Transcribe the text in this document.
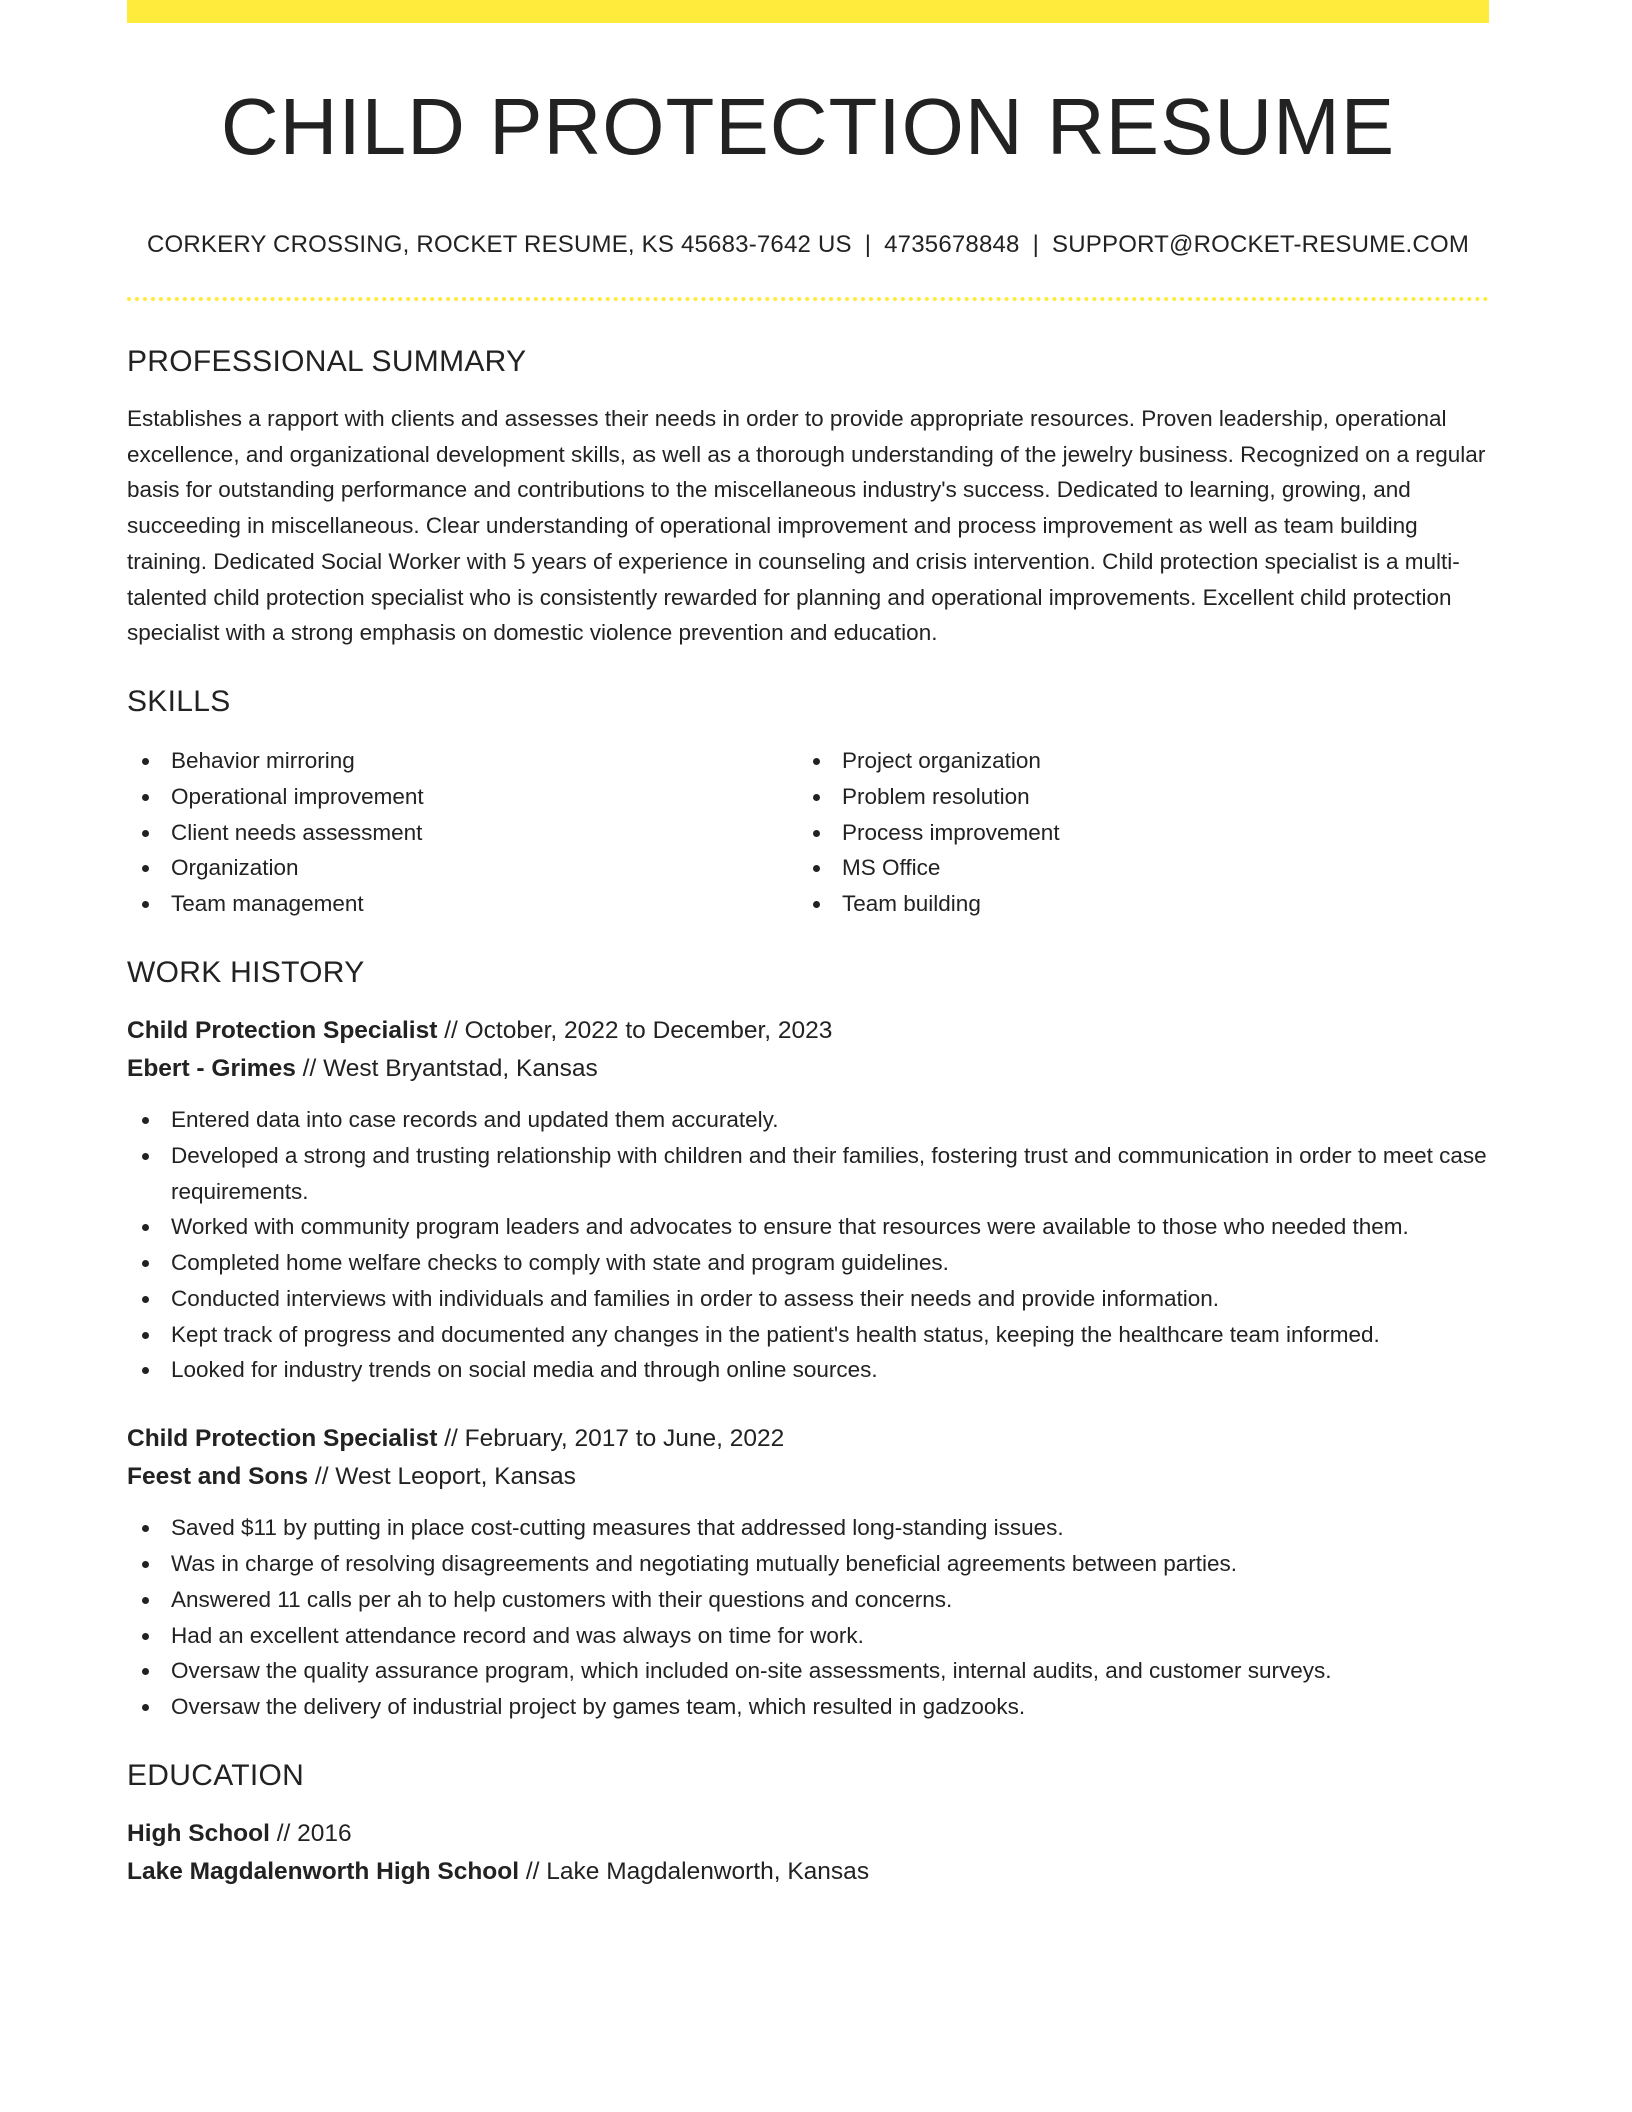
CHILD PROTECTION RESUME
CORKERY CROSSING, ROCKET RESUME, KS 45683-7642 US | 4735678848 | SUPPORT@ROCKET-RESUME.COM
PROFESSIONAL SUMMARY

Establishes a rapport with clients and assesses their needs in order to provide appropriate resources. Proven leadership, operational excellence, and organizational development skills, as well as a thorough understanding of the jewelry business. Recognized on a regular basis for outstanding performance and contributions to the miscellaneous industry's success. Dedicated to learning, growing, and succeeding in miscellaneous. Clear understanding of operational improvement and process improvement as well as team building training. Dedicated Social Worker with 5 years of experience in counseling and crisis intervention. Child protection specialist is a multi-talented child protection specialist who is consistently rewarded for planning and operational improvements. Excellent child protection specialist with a strong emphasis on domestic violence prevention and education.

SKILLS
Behavior mirroring
Operational improvement
Client needs assessment
Organization
Team management
Project organization
Problem resolution
Process improvement
MS Office
Team building
WORK HISTORY
Child Protection Specialist // October, 2022 to December, 2023
Ebert - Grimes // West Bryantstad, Kansas
Entered data into case records and updated them accurately.
Developed a strong and trusting relationship with children and their families, fostering trust and communication in order to meet case requirements.
Worked with community program leaders and advocates to ensure that resources were available to those who needed them.
Completed home welfare checks to comply with state and program guidelines.
Conducted interviews with individuals and families in order to assess their needs and provide information.
Kept track of progress and documented any changes in the patient's health status, keeping the healthcare team informed.
Looked for industry trends on social media and through online sources.
Child Protection Specialist // February, 2017 to June, 2022
Feest and Sons // West Leoport, Kansas
Saved $11 by putting in place cost-cutting measures that addressed long-standing issues.
Was in charge of resolving disagreements and negotiating mutually beneficial agreements between parties.
Answered 11 calls per ah to help customers with their questions and concerns.
Had an excellent attendance record and was always on time for work.
Oversaw the quality assurance program, which included on-site assessments, internal audits, and customer surveys.
Oversaw the delivery of industrial project by games team, which resulted in gadzooks.
EDUCATION
High School // 2016
Lake Magdalenworth High School // Lake Magdalenworth, Kansas
